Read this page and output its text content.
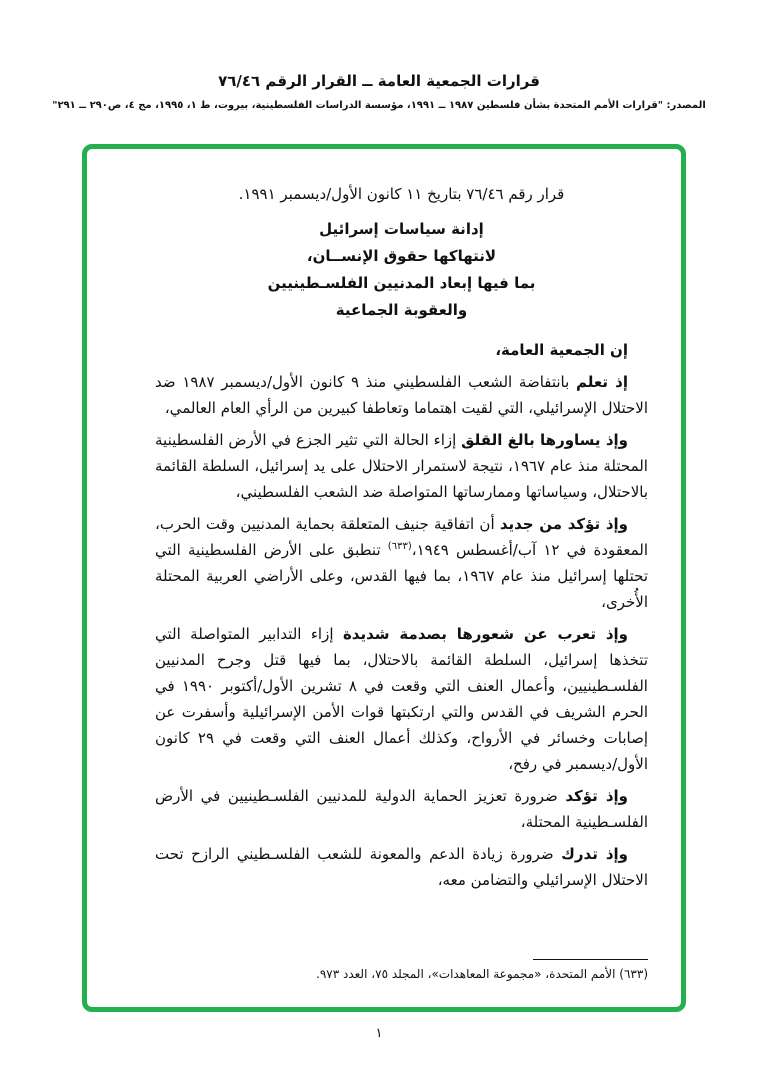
قرارات الجمعية العامة ــ القرار الرقم ٧٦/٤٦
المصدر: "قرارات الأمم المتحدة بشأن فلسطين ١٩٨٧ ــ ١٩٩١، مؤسسة الدراسات الفلسطينية، بيروت، ط ١، ١٩٩٥، مج ٤، ص٢٩٠ ــ ٢٩١"
قرار رقم ٧٦/٤٦ بتاريخ ١١ كانون الأول/ديسمبر ١٩٩١.
إدانة سياسات إسرائيل
لانتهاكها حقوق الإنســان،
بما فيها إبعاد المدنيين الفلسـطينيين
والعقوبة الجماعية

إن الجمعية العامة،

إذ تعلم بانتفاضة الشعب الفلسطيني منذ ٩ كانون الأول/ديسمبر ١٩٨٧ ضد الاحتلال الإسرائيلي، التي لقيت اهتماما وتعاطفا كبيرين من الرأي العام العالمي،

وإذ يساورها بالغ القلق إزاء الحالة التي تثير الجزع في الأرض الفلسطينية المحتلة منذ عام ١٩٦٧، نتيجة لاستمرار الاحتلال على يد إسرائيل، السلطة القائمة بالاحتلال، وسياساتها وممارساتها المتواصلة ضد الشعب الفلسطيني،

وإذ تؤكد من جديد أن اتفاقية جنيف المتعلقة بحماية المدنيين وقت الحرب، المعقودة في ١٢ آب/أغسطس ١٩٤٩،$^{(٦٣٣)}$ تنطبق على الأرض الفلسطينية التي تحتلها إسرائيل منذ عام ١٩٦٧، بما فيها القدس، وعلى الأراضي العربية المحتلة الأُخرى،

وإذ تعرب عن شعورها بصدمة شديدة إزاء التدابير المتواصلة التي تتخذها إسرائيل، السلطة القائمة بالاحتلال، بما فيها قتل وجرح المدنيين الفلسـطينيين، وأعمال العنف التي وقعت في ٨ تشرين الأول/أكتوبر ١٩٩٠ في الحرم الشريف في القدس والتي ارتكبتها قوات الأمن الإسرائيلية وأسفرت عن إصابات وخسائر في الأرواح، وكذلك أعمال العنف التي وقعت في ٢٩ كانون الأول/ديسمبر في رفح،

وإذ تؤكد ضرورة تعزيز الحماية الدولية للمدنيين الفلسـطينيين في الأرض الفلسـطينية المحتلة،

وإذ تدرك ضرورة زيادة الدعم والمعونة للشعب الفلسـطيني الرازح تحت الاحتلال الإسرائيلي والتضامن معه،

(٦٣٣) الأمم المتحدة، «مجموعة المعاهدات»، المجلد ٧٥، العدد ٩٧٣.
١
